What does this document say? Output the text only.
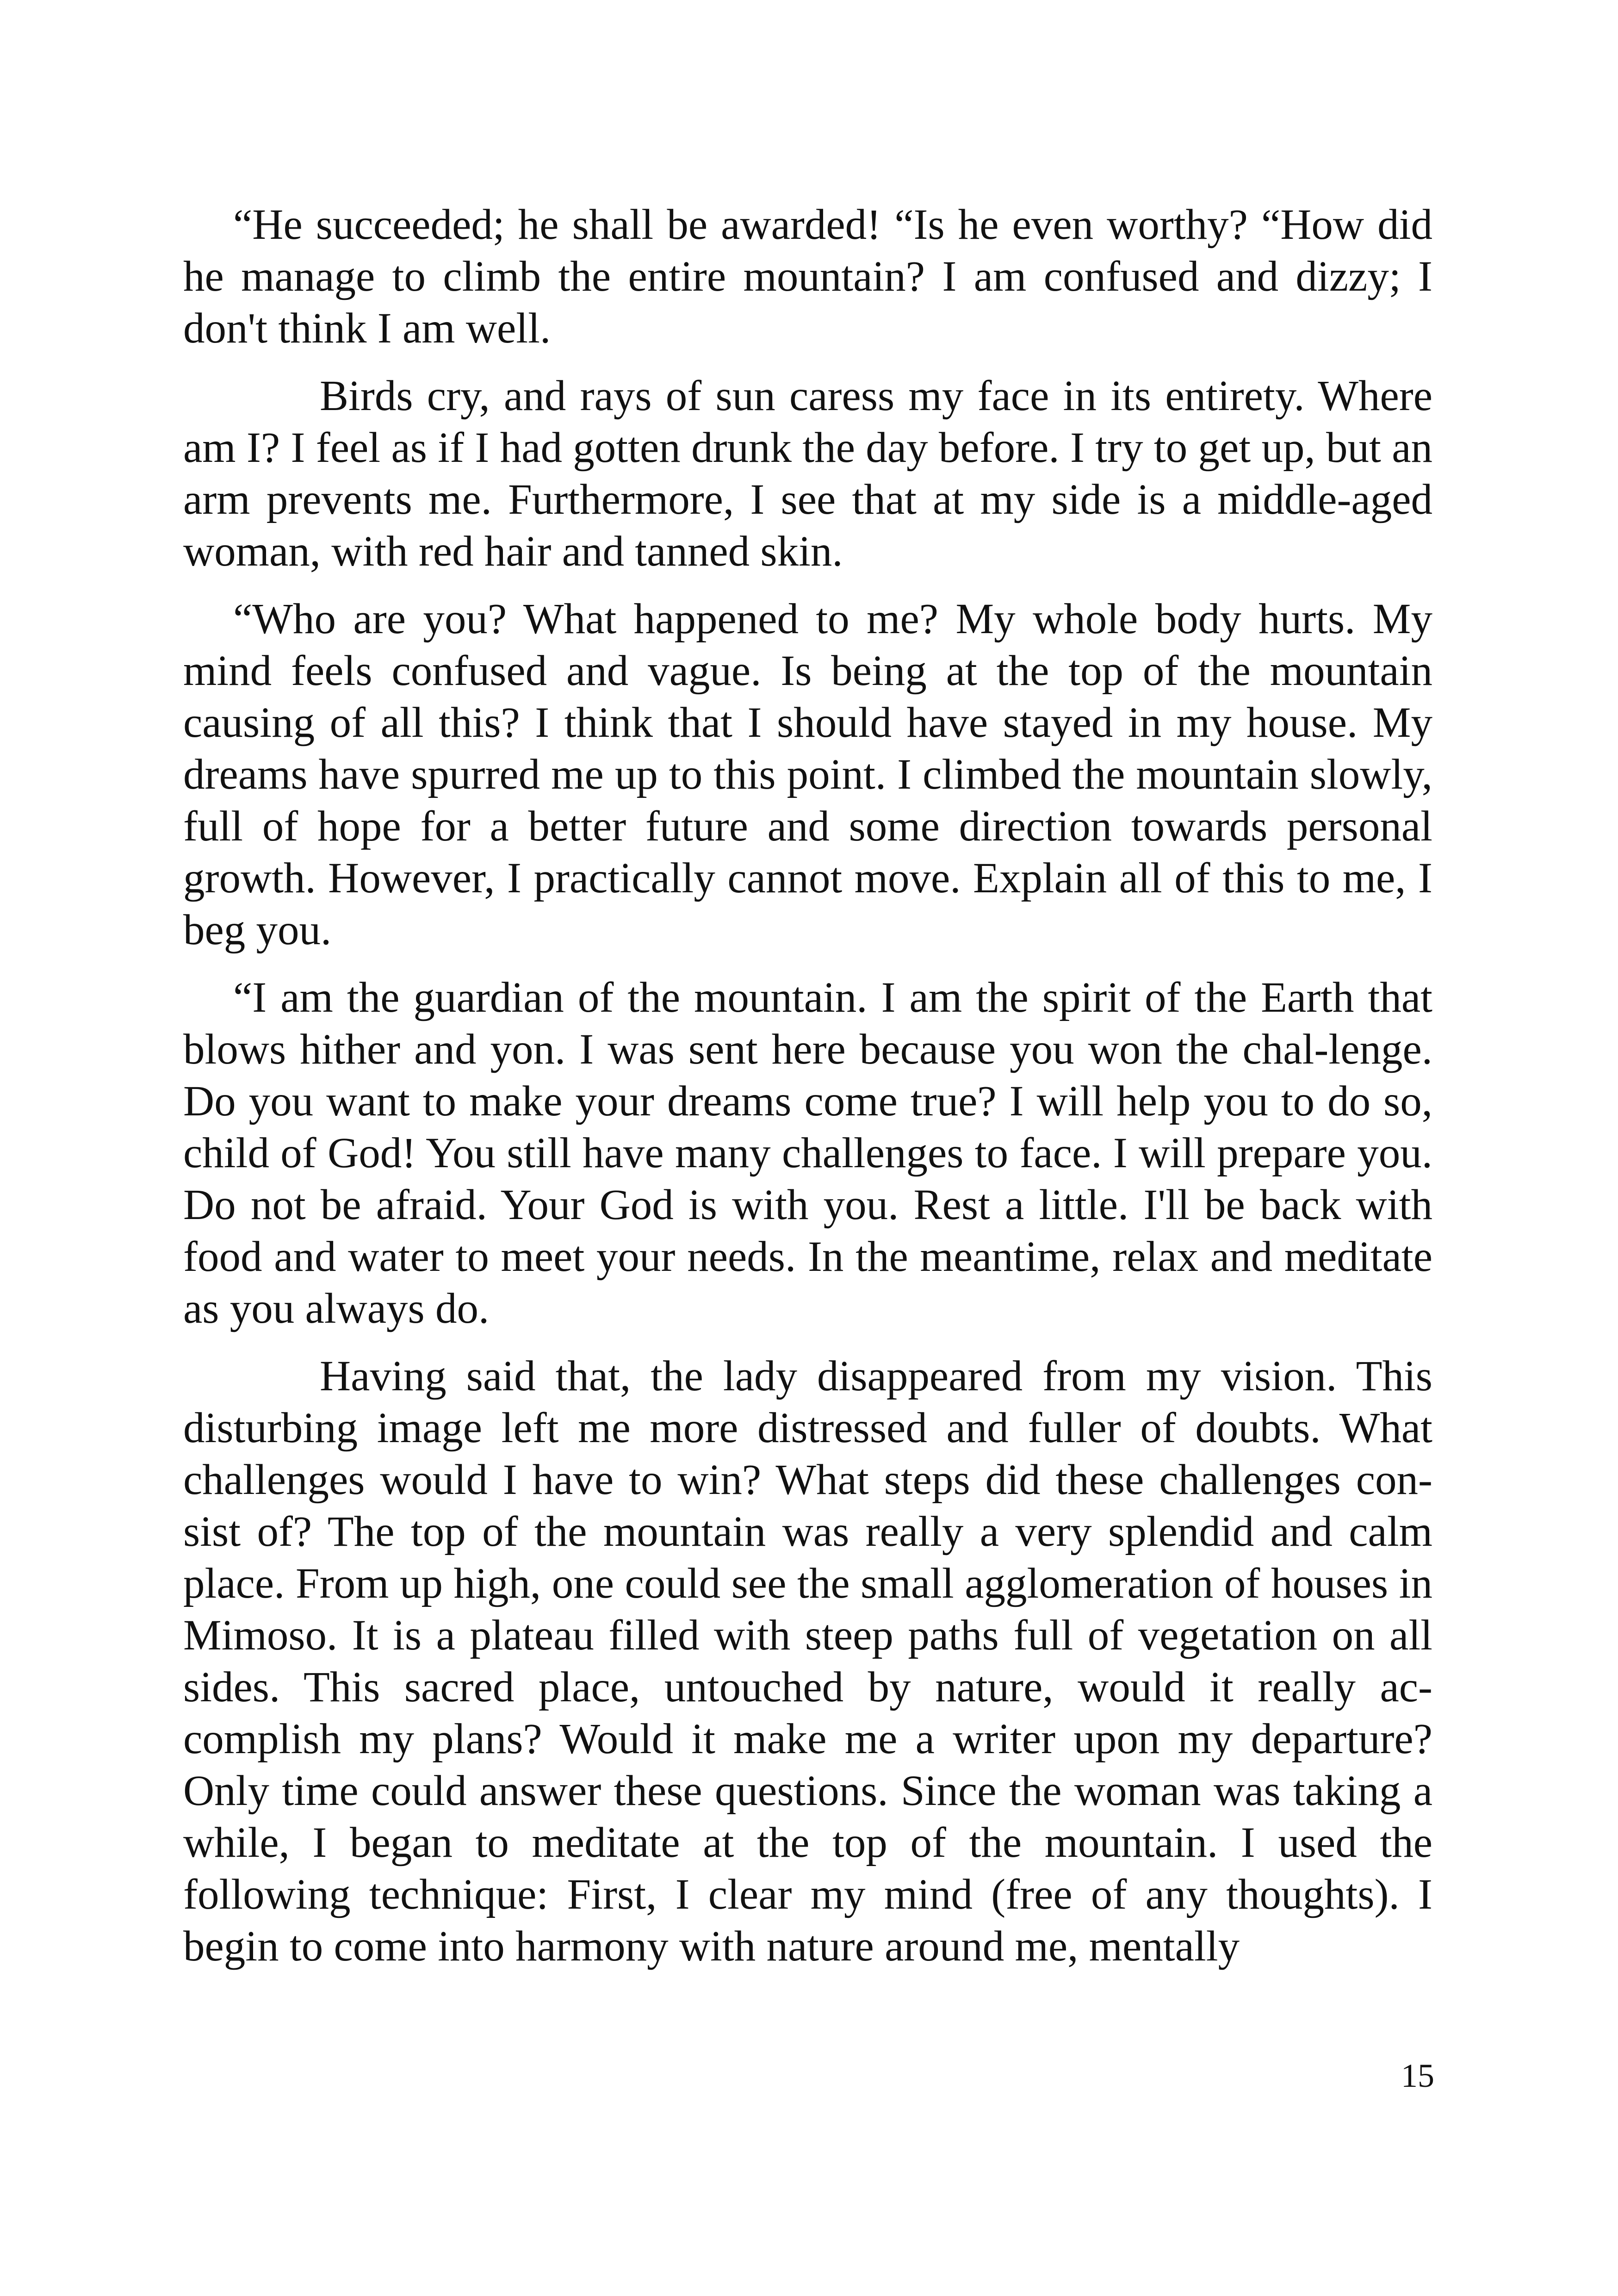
“He succeeded; he shall be awarded! “Is he even worthy? “How did he manage to climb the entire mountain? I am confused and dizzy; I don't think I am well.

Birds cry, and rays of sun caress my face in its entirety. Where am I? I feel as if I had gotten drunk the day before. I try to get up, but an arm prevents me. Furthermore, I see that at my side is a middle-aged woman, with red hair and tanned skin.

“Who are you? What happened to me? My whole body hurts. My mind feels confused and vague. Is being at the top of the mountain causing of all this? I think that I should have stayed in my house. My dreams have spurred me up to this point. I climbed the mountain slowly, full of hope for a better future and some direction towards personal growth. However, I practically cannot move. Explain all of this to me, I beg you.

“I am the guardian of the mountain. I am the spirit of the Earth that blows hither and yon. I was sent here because you won the chal-lenge. Do you want to make your dreams come true? I will help you to do so, child of God! You still have many challenges to face. I will prepare you. Do not be afraid. Your God is with you. Rest a little. I'll be back with food and water to meet your needs. In the meantime, relax and meditate as you always do.

Having said that, the lady disappeared from my vision. This disturbing image left me more distressed and fuller of doubts. What challenges would I have to win? What steps did these challenges con-sist of? The top of the mountain was really a very splendid and calm place. From up high, one could see the small agglomeration of houses in Mimoso. It is a plateau filled with steep paths full of vegetation on all sides. This sacred place, untouched by nature, would it really ac-complish my plans? Would it make me a writer upon my departure? Only time could answer these questions. Since the woman was taking a while, I began to meditate at the top of the mountain. I used the following technique: First, I clear my mind (free of any thoughts). I begin to come into harmony with nature around me, mentally

15
